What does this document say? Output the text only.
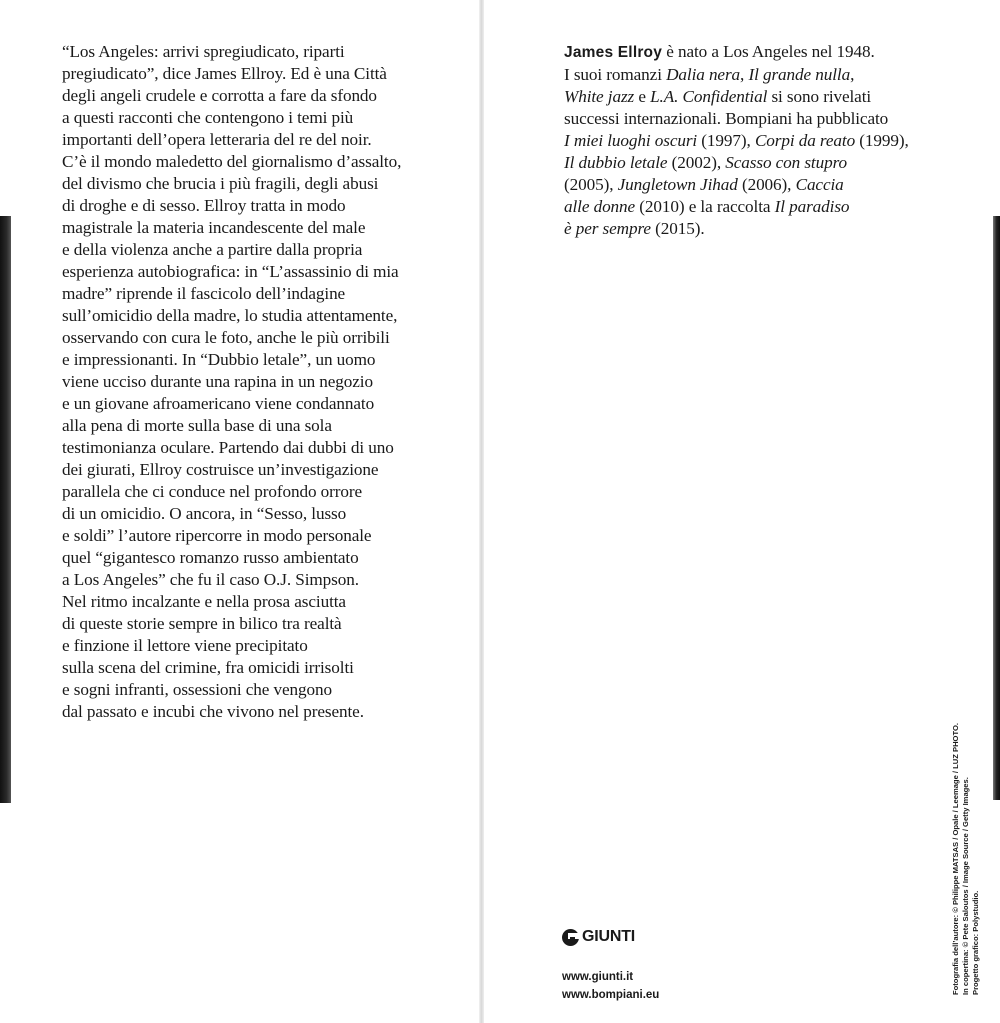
“Los Angeles: arrivi spregiudicato, riparti
pregiudicato”, dice James Ellroy. Ed è una Città
degli angeli crudele e corrotta a fare da sfondo
a questi racconti che contengono i temi più
importanti dell’opera letteraria del re del noir.
C’è il mondo maledetto del giornalismo d’assalto,
del divismo che brucia i più fragili, degli abusi
di droghe e di sesso. Ellroy tratta in modo
magistrale la materia incandescente del male
e della violenza anche a partire dalla propria
esperienza autobiografica: in “L’assassinio di mia
madre” riprende il fascicolo dell’indagine
sull’omicidio della madre, lo studia attentamente,
osservando con cura le foto, anche le più orribili
e impressionanti. In “Dubbio letale”, un uomo
viene ucciso durante una rapina in un negozio
e un giovane afroamericano viene condannato
alla pena di morte sulla base di una sola
testimonianza oculare. Partendo dai dubbi di uno
dei giurati, Ellroy costruisce un’investigazione
parallela che ci conduce nel profondo orrore
di un omicidio. O ancora, in “Sesso, lusso
e soldi” l’autore ripercorre in modo personale
quel “gigantesco romanzo russo ambientato
a Los Angeles” che fu il caso O.J. Simpson.
Nel ritmo incalzante e nella prosa asciutta
di queste storie sempre in bilico tra realtà
e finzione il lettore viene precipitato
sulla scena del crimine, fra omicidi irrisolti
e sogni infranti, ossessioni che vengono
dal passato e incubi che vivono nel presente.
James Ellroy è nato a Los Angeles nel 1948.
I suoi romanzi Dalia nera, Il grande nulla,
White jazz e L.A. Confidential si sono rivelati
successi internazionali. Bompiani ha pubblicato
I miei luoghi oscuri (1997), Corpi da reato (1999),
Il dubbio letale (2002), Scasso con stupro
(2005), Jungletown Jihad (2006), Caccia
alle donne (2010) e la raccolta Il paradiso
è per sempre (2015).
GIUNTI
www.giunti.it
www.bompiani.eu	Fotografia dell’autore: © Philippe MATSAS / Opale / Leemage / LUZ PHOTO. In copertina: © Pete Saloutos / Image Source / Getty Images. Progetto grafico: Polystudio.
